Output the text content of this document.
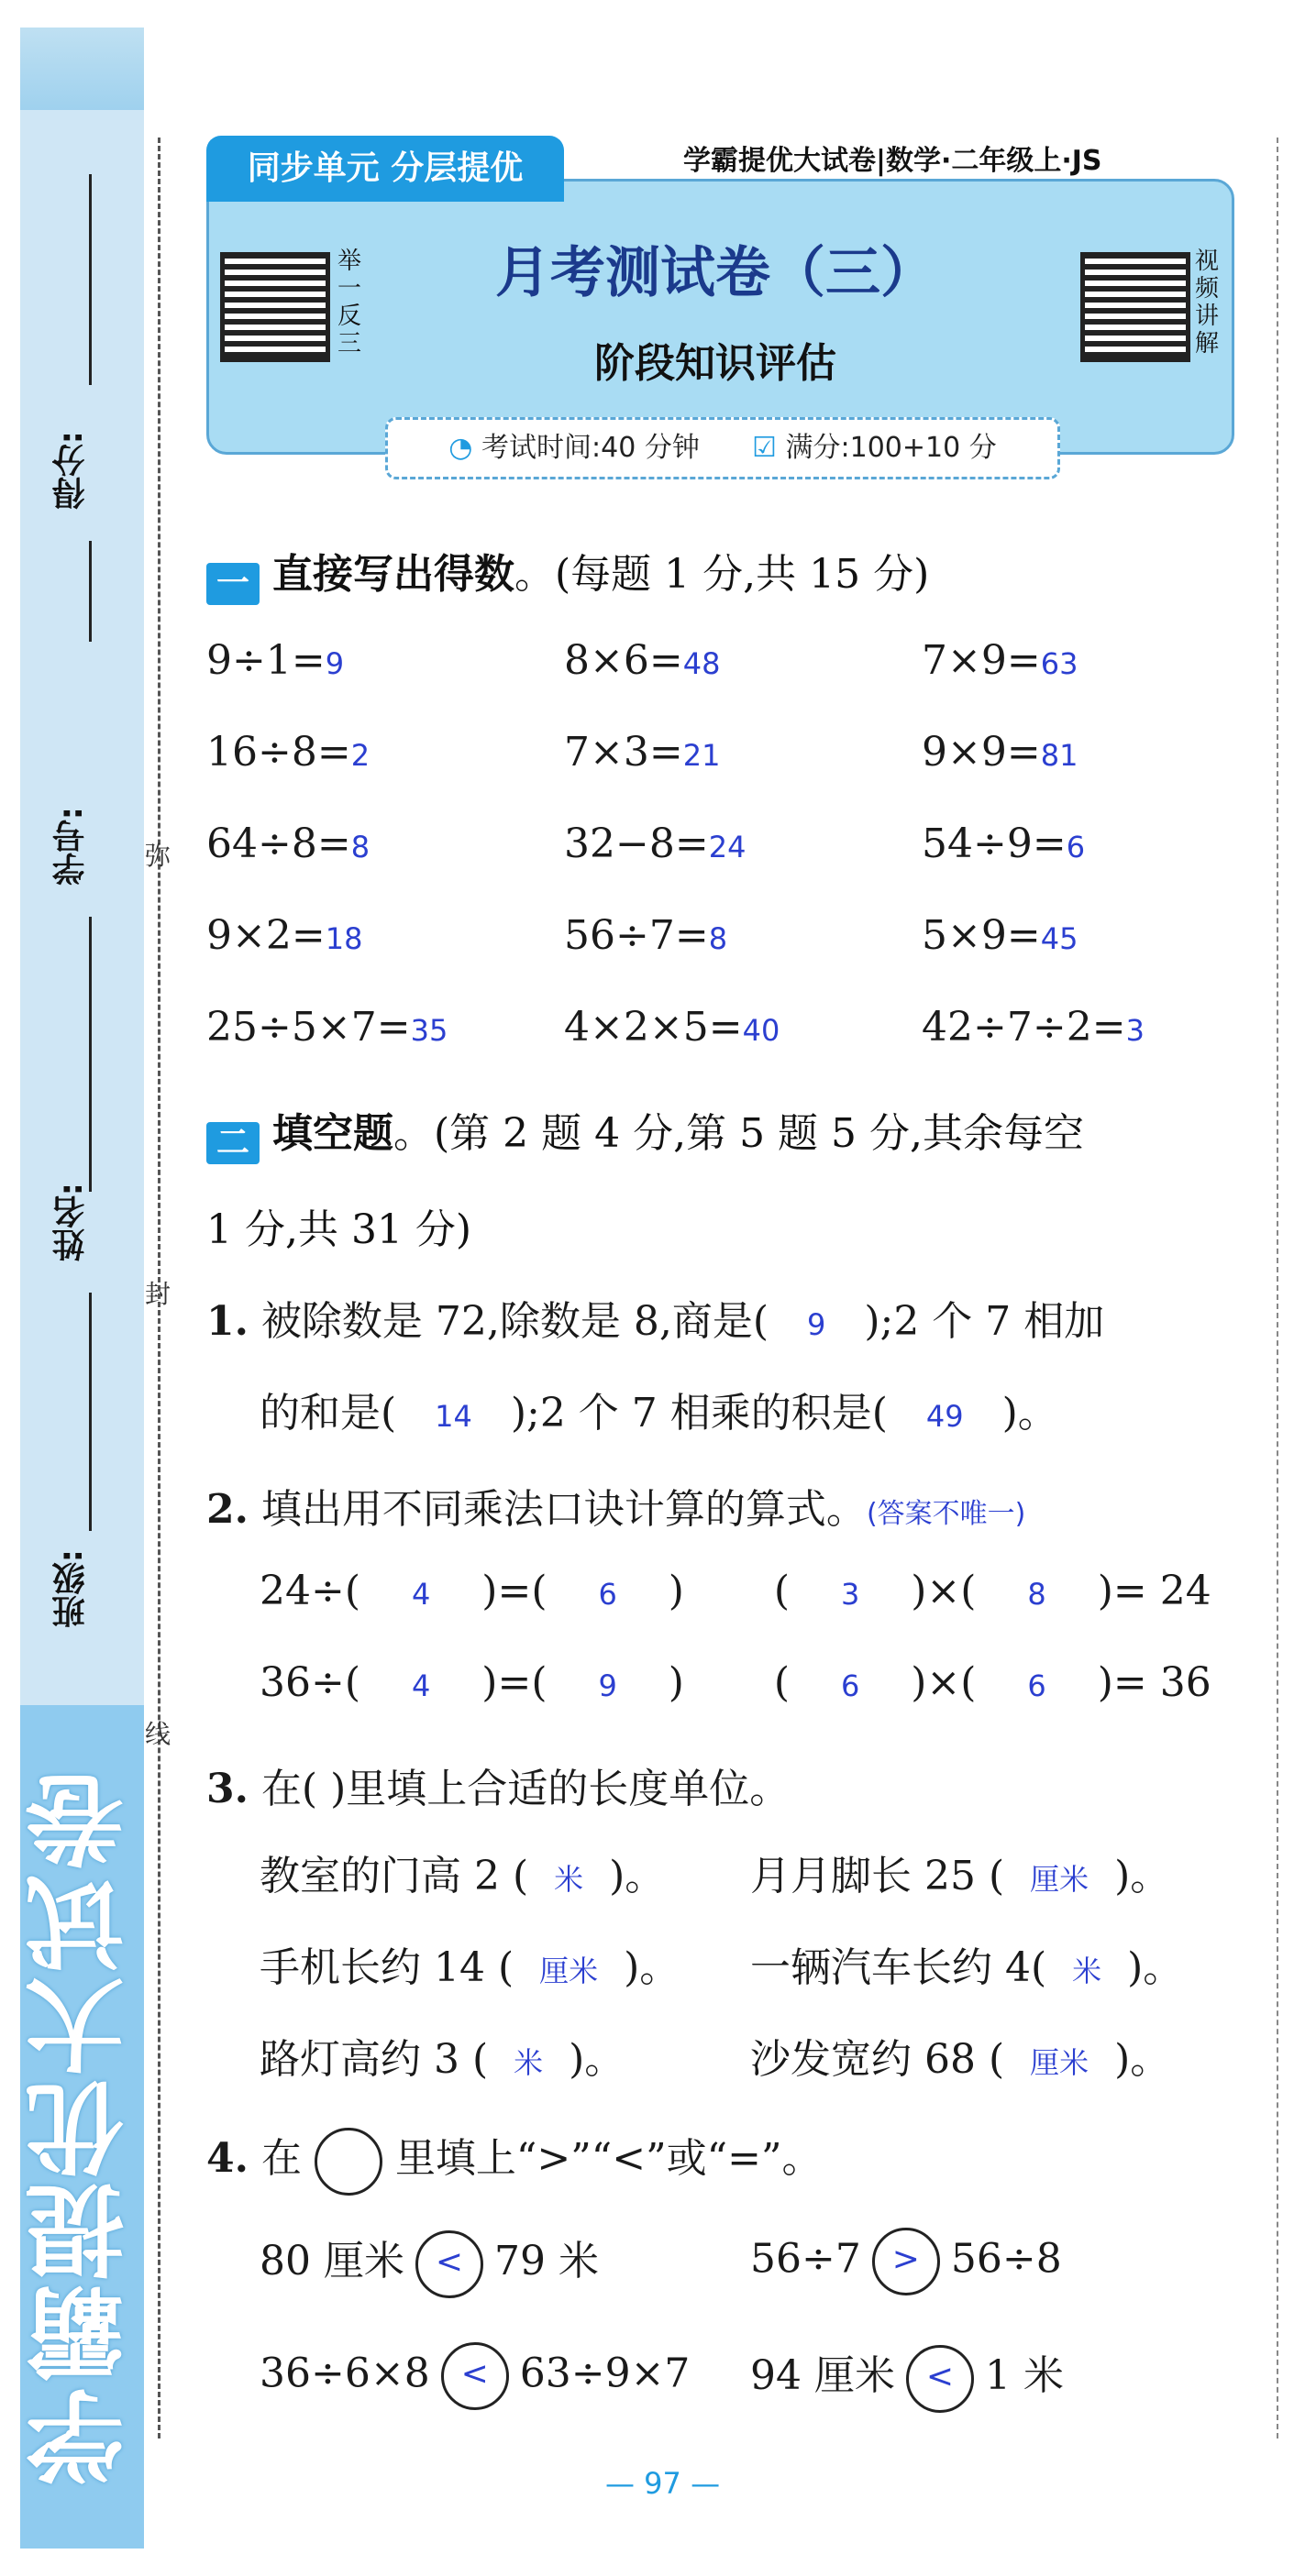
学霸提优大试卷
得分:
学号:
姓名:
班级:
弥
封
线
同步单元 分层提优	学霸提优大试卷|数学·二年级上·JS
举一反三
视频讲解
月考测试卷（三）
阶段知识评估
◔ 考试时间:40 分钟 ☑ 满分:100+10 分
一 直接写出得数。(每题 1 分,共 15 分)
9÷1=9	8×6=48	7×9=63
16÷8=2	7×3=21	9×9=81
64÷8=8	32−8=24	54÷9=6
9×2=18	56÷7=8	5×9=45
25÷5×7=35	4×2×5=40	42÷7÷2=3
二 填空题。(第 2 题 4 分,第 5 题 5 分,其余每空
1 分,共 31 分)
1. 被除数是 72,除数是 8,商是( 9 );2 个 7 相加
的和是( 14 );2 个 7 相乘的积是( 49 )。
2. 填出用不同乘法口诀计算的算式。(答案不唯一)
24÷( 4    )=(    6    )       (    3    )×(    8    )= 24
36÷( 4    )=(    9    )       (    6    )×(    6    )= 36
3. 在( )里填上合适的长度单位。
教室的门高 2 ( 米 )。 月月脚长 25 ( 厘米 )。
手机长约 14 ( 厘米 )。 一辆汽车长约 4( 米 )。
路灯高约 3 ( 米 )。	沙发宽约 68 ( 厘米 )。
4. 在 里填上“>”“<”或“=”。
80 厘米 < 79 米	56÷7 > 56÷8
36÷6×8 < 63÷9×7 94 厘米 < 1 米
— 97 —
